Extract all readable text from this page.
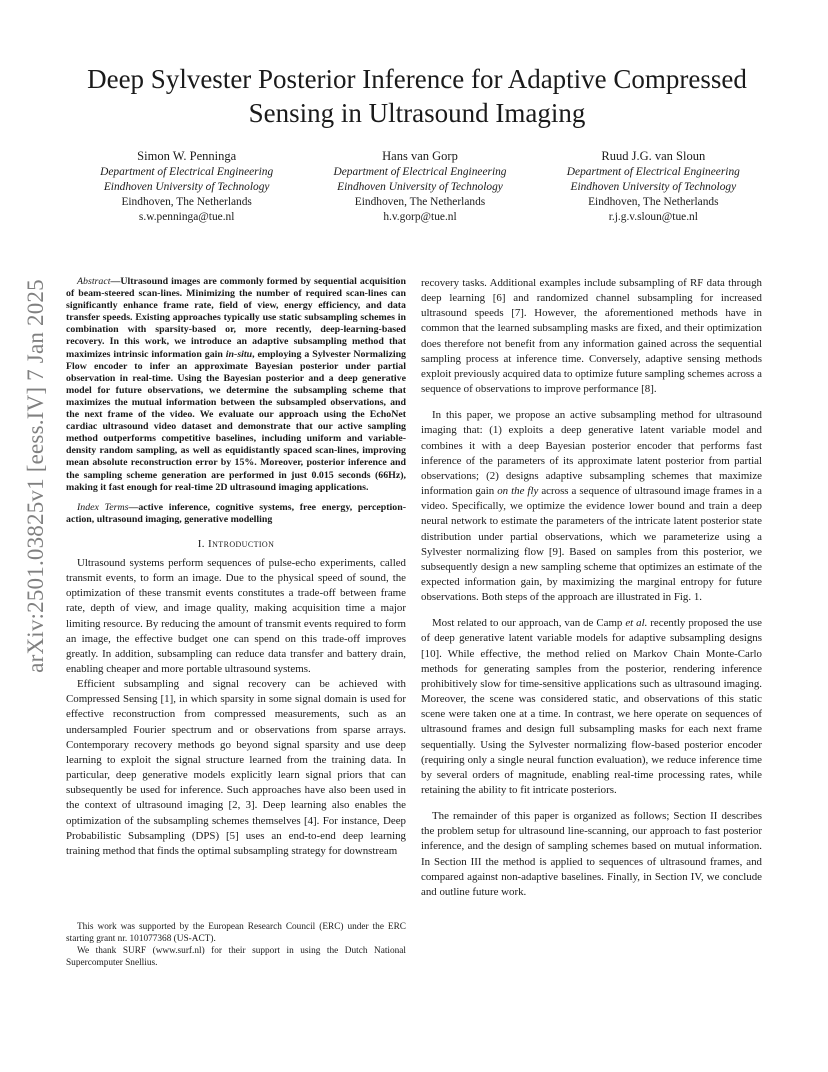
arXiv:2501.03825v1 [eess.IV] 7 Jan 2025
Deep Sylvester Posterior Inference for Adaptive Compressed Sensing in Ultrasound Imaging
Simon W. Penninga
Department of Electrical Engineering
Eindhoven University of Technology
Eindhoven, The Netherlands
s.w.penninga@tue.nl
Hans van Gorp
Department of Electrical Engineering
Eindhoven University of Technology
Eindhoven, The Netherlands
h.v.gorp@tue.nl
Ruud J.G. van Sloun
Department of Electrical Engineering
Eindhoven University of Technology
Eindhoven, The Netherlands
r.j.g.v.sloun@tue.nl

Abstract—Ultrasound images are commonly formed by sequential acquisition of beam-steered scan-lines. Minimizing the number of required scan-lines can significantly enhance frame rate, field of view, energy efficiency, and data transfer speeds. Existing approaches typically use static subsampling schemes in combination with sparsity-based or, more recently, deep-learning-based recovery. In this work, we introduce an adaptive subsampling method that maximizes intrinsic information gain in-situ, employing a Sylvester Normalizing Flow encoder to infer an approximate Bayesian posterior under partial observation in real-time. Using the Bayesian posterior and a deep generative model for future observations, we determine the subsampling scheme that maximizes the mutual information between the subsampled observations, and the next frame of the video. We evaluate our approach using the EchoNet cardiac ultrasound video dataset and demonstrate that our active sampling method outperforms competitive baselines, including uniform and variable-density random sampling, as well as equidistantly spaced scan-lines, improving mean absolute reconstruction error by 15%. Moreover, posterior inference and the sampling scheme generation are performed in just 0.015 seconds (66Hz), making it fast enough for real-time 2D ultrasound imaging applications.

Index Terms—active inference, cognitive systems, free energy, perception-action, ultrasound imaging, generative modelling

I. Introduction

Ultrasound systems perform sequences of pulse-echo experiments, called transmit events, to form an image. Due to the physical speed of sound, the optimization of these transmit events constitutes a trade-off between frame rate, depth of view, and image quality, making acquisition time a major limiting resource. By reducing the amount of transmit events required to form an image, the effective budget one can spend on this trade-off improves greatly. In addition, subsampling can reduce data transfer and battery drain, enabling cheaper and more portable ultrasound systems.

Efficient subsampling and signal recovery can be achieved with Compressed Sensing [1], in which sparsity in some signal domain is used for effective reconstruction from compressed measurements, such as an undersampled Fourier spectrum and or observations from sparse arrays. Contemporary recovery methods go beyond signal sparsity and use deep learning to exploit the signal structure learned from the training data. In particular, deep generative models explicitly learn signal priors that can subsequently be used for inference. Such approaches have also been used in the context of ultrasound imaging [2, 3]. Deep learning also enables the optimization of the subsampling schemes themselves [4]. For instance, Deep Probabilistic Subsampling (DPS) [5] uses an end-to-end deep learning training method that finds the optimal subsampling strategy for downstream

This work was supported by the European Research Council (ERC) under the ERC starting grant nr. 101077368 (US-ACT).

We thank SURF (www.surf.nl) for their support in using the Dutch National Supercomputer Snellius.

recovery tasks. Additional examples include subsampling of RF data through deep learning [6] and randomized channel subsampling for increased ultrasound speeds [7]. However, the aforementioned methods have in common that the learned subsampling masks are fixed, and their optimization does therefore not benefit from any information gained across the sequential sampling process at inference time. Conversely, adaptive sensing methods exploit previously acquired data to optimize future sampling schemes across a sequence of observations to improve performance [8].

In this paper, we propose an active subsampling method for ultrasound imaging that: (1) exploits a deep generative latent variable model and combines it with a deep Bayesian posterior encoder that performs fast inference of the parameters of its approximate latent posterior from partial observations; (2) designs adaptive subsampling schemes that maximize information gain on the fly across a sequence of ultrasound image frames in a video. Specifically, we optimize the evidence lower bound and train a deep neural network to estimate the parameters of the intricate latent posterior state distribution under partial observations, which we parameterize using a Sylvester normalizing flow [9]. Based on samples from this posterior, we subsequently design a new sampling scheme that optimizes an estimate of the expected information gain, by maximizing the marginal entropy for future observations. Both steps of the approach are illustrated in Fig. 1.

Most related to our approach, van de Camp et al. recently proposed the use of deep generative latent variable models for adaptive subsampling designs [10]. While effective, the method relied on Markov Chain Monte-Carlo methods for generating samples from the posterior, rendering inference prohibitively slow for time-sensitive applications such as ultrasound imaging. Moreover, the scene was considered static, and observations of this static scene were taken one at a time. In contrast, we here operate on sequences of ultrasound frames and design full subsampling masks for each next frame sequentially. Using the Sylvester normalizing flow-based posterior encoder (requiring only a single neural function evaluation), we reduce inference time by several orders of magnitude, enabling real-time processing rates, while retaining the ability to fit intricate posteriors.

The remainder of this paper is organized as follows; Section II describes the problem setup for ultrasound line-scanning, our approach to fast posterior inference, and the design of sampling schemes based on mutual information. In Section III the method is applied to sequences of ultrasound frames, and compared against non-adaptive baselines. Finally, in Section IV, we conclude and outline future work.
